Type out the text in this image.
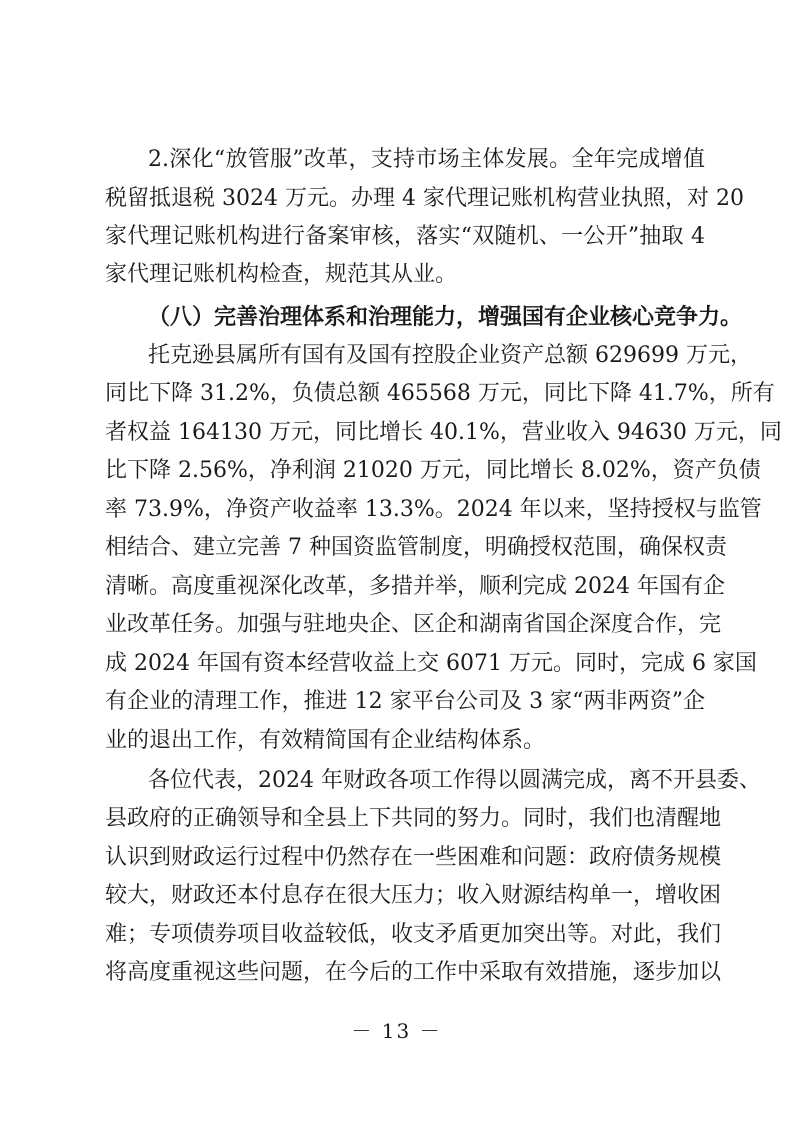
2.深化“放管服”改革，支持市场主体发展。全年完成增值
税留抵退税 3024 万元。办理 4 家代理记账机构营业执照，对 20
家代理记账机构进行备案审核，落实“双随机、一公开”抽取 4
家代理记账机构检查，规范其从业。
（八）完善治理体系和治理能力，增强国有企业核心竞争力。
托克逊县属所有国有及国有控股企业资产总额 629699 万元，
同比下降 31.2%，负债总额 465568 万元，同比下降 41.7%，所有
者权益 164130 万元，同比增长 40.1%，营业收入 94630 万元，同
比下降 2.56%，净利润 21020 万元，同比增长 8.02%，资产负债
率 73.9%，净资产收益率 13.3%。2024 年以来，坚持授权与监管
相结合、建立完善 7 种国资监管制度，明确授权范围，确保权责
清晰。高度重视深化改革，多措并举，顺利完成 2024 年国有企
业改革任务。加强与驻地央企、区企和湖南省国企深度合作，完
成 2024 年国有资本经营收益上交 6071 万元。同时，完成 6 家国
有企业的清理工作，推进 12 家平台公司及 3 家“两非两资”企
业的退出工作，有效精简国有企业结构体系。
各位代表，2024 年财政各项工作得以圆满完成，离不开县委、
县政府的正确领导和全县上下共同的努力。同时，我们也清醒地
认识到财政运行过程中仍然存在一些困难和问题：政府债务规模
较大，财政还本付息存在很大压力；收入财源结构单一，增收困
难；专项债券项目收益较低，收支矛盾更加突出等。对此，我们
将高度重视这些问题，在今后的工作中采取有效措施，逐步加以
－ 13 －
